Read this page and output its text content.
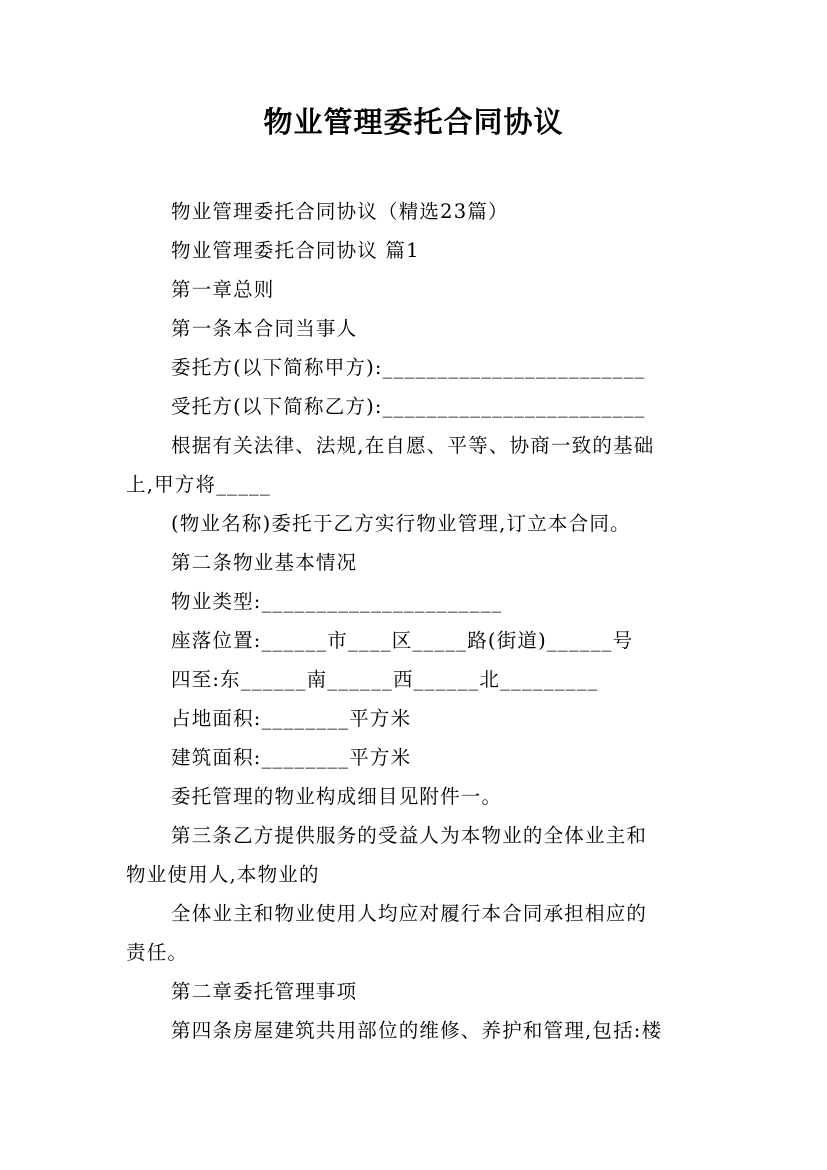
物业管理委托合同协议
物业管理委托合同协议（精选23篇）
物业管理委托合同协议 篇1
第一章总则
第一条本合同当事人
委托方(以下简称甲方):________________________
受托方(以下简称乙方):________________________
根据有关法律、法规,在自愿、平等、协商一致的基础
上,甲方将_____
(物业名称)委托于乙方实行物业管理,订立本合同。
第二条物业基本情况
物业类型:______________________
座落位置:______市____区_____路(街道)______号
四至:东______南______西______北_________
占地面积:________平方米
建筑面积:________平方米
委托管理的物业构成细目见附件一。
第三条乙方提供服务的受益人为本物业的全体业主和
物业使用人,本物业的
全体业主和物业使用人均应对履行本合同承担相应的
责任。
第二章委托管理事项
第四条房屋建筑共用部位的维修、养护和管理,包括:楼
